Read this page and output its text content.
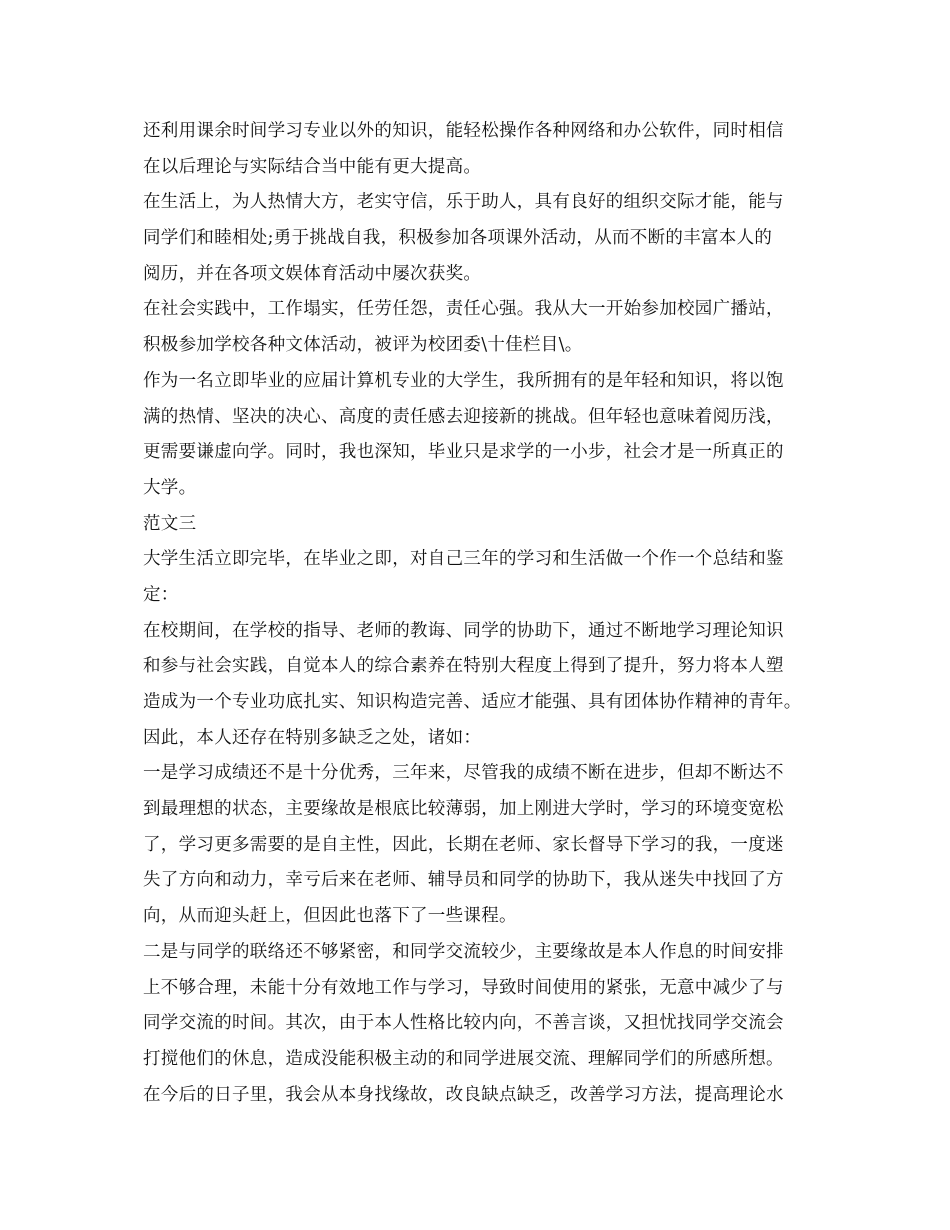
还利用课余时间学习专业以外的知识，能轻松操作各种网络和办公软件，同时相信
在以后理论与实际结合当中能有更大提高。
在生活上，为人热情大方，老实守信，乐于助人，具有良好的组织交际才能，能与
同学们和睦相处;勇于挑战自我，积极参加各项课外活动，从而不断的丰富本人的
阅历，并在各项文娱体育活动中屡次获奖。
在社会实践中，工作塌实，任劳任怨，责任心强。我从大一开始参加校园广播站，
积极参加学校各种文体活动，被评为校团委\十佳栏目\。
作为一名立即毕业的应届计算机专业的大学生，我所拥有的是年轻和知识，将以饱
满的热情、坚决的决心、高度的责任感去迎接新的挑战。但年轻也意味着阅历浅，
更需要谦虚向学。同时，我也深知，毕业只是求学的一小步，社会才是一所真正的
大学。
范文三
大学生活立即完毕，在毕业之即，对自己三年的学习和生活做一个作一个总结和鉴
定：
在校期间，在学校的指导、老师的教诲、同学的协助下，通过不断地学习理论知识
和参与社会实践，自觉本人的综合素养在特别大程度上得到了提升，努力将本人塑
造成为一个专业功底扎实、知识构造完善、适应才能强、具有团体协作精神的青年。
因此，本人还存在特别多缺乏之处，诸如：
一是学习成绩还不是十分优秀，三年来，尽管我的成绩不断在进步，但却不断达不
到最理想的状态，主要缘故是根底比较薄弱，加上刚进大学时，学习的环境变宽松
了，学习更多需要的是自主性，因此，长期在老师、家长督导下学习的我，一度迷
失了方向和动力，幸亏后来在老师、辅导员和同学的协助下，我从迷失中找回了方
向，从而迎头赶上，但因此也落下了一些课程。
二是与同学的联络还不够紧密，和同学交流较少，主要缘故是本人作息的时间安排
上不够合理，未能十分有效地工作与学习，导致时间使用的紧张，无意中减少了与
同学交流的时间。其次，由于本人性格比较内向，不善言谈，又担忧找同学交流会
打搅他们的休息，造成没能积极主动的和同学进展交流、理解同学们的所感所想。
在今后的日子里，我会从本身找缘故，改良缺点缺乏，改善学习方法，提高理论水
